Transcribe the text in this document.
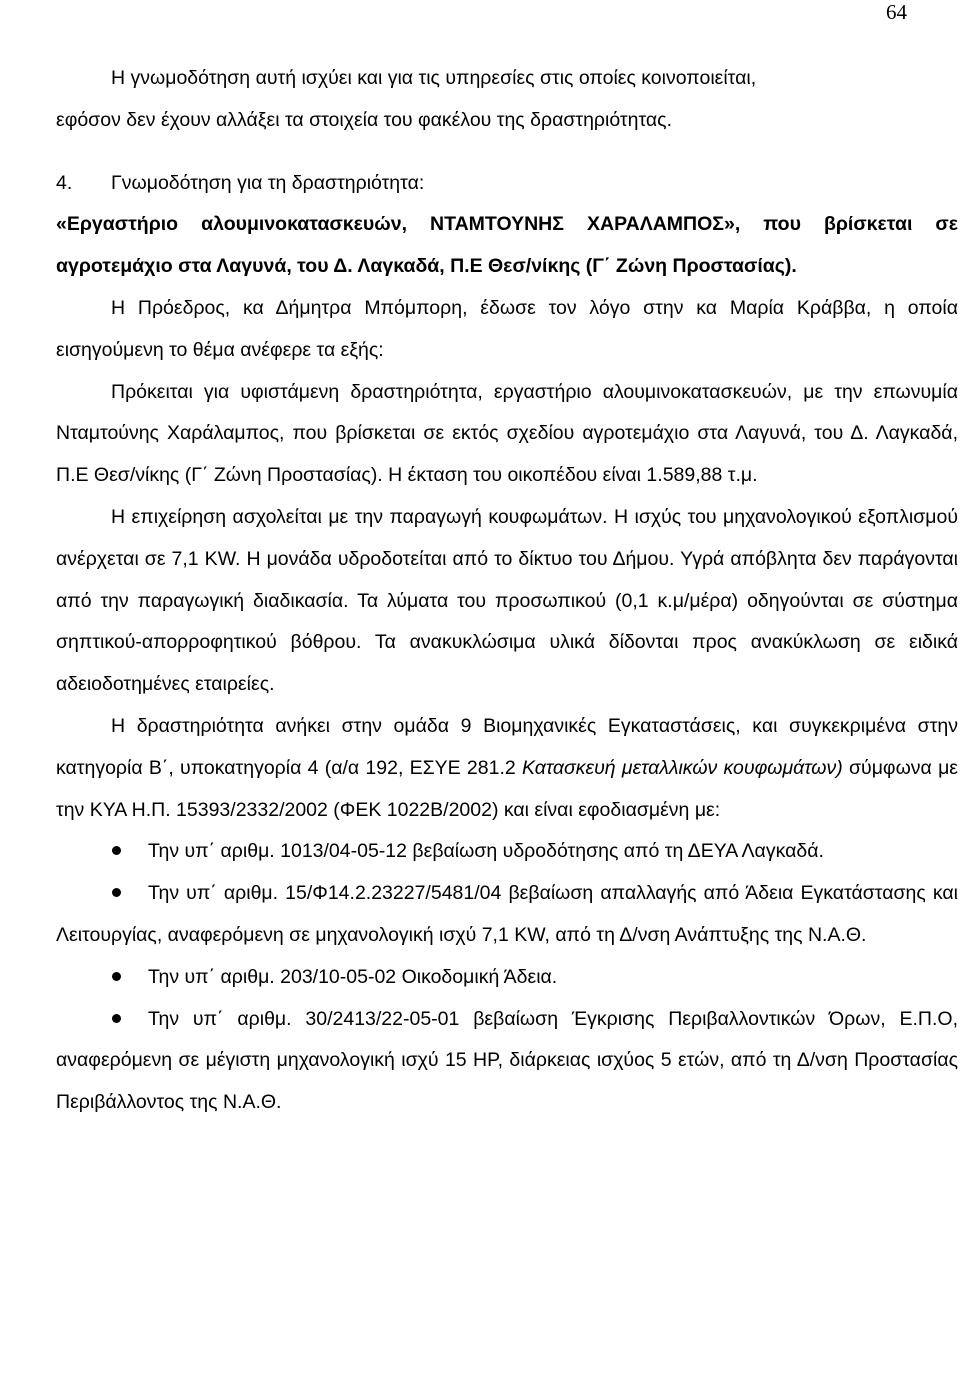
64

Η γνωμοδότηση αυτή ισχύει και για τις υπηρεσίες στις οποίες κοινοποιείται,

εφόσον δεν έχουν αλλάξει τα στοιχεία του φακέλου της δραστηριότητας.

4. Γνωμοδότηση για τη δραστηριότητα:

«Εργαστήριο αλουμινοκατασκευών, ΝΤΑΜΤΟΥΝΗΣ ΧΑΡΑΛΑΜΠΟΣ», που βρίσκεται σε αγροτεμάχιο στα Λαγυνά, του Δ. Λαγκαδά, Π.Ε Θεσ/νίκης (Γ΄ Ζώνη Προστασίας).

Η Πρόεδρος, κα Δήμητρα Μπόμπορη, έδωσε τον λόγο στην κα Μαρία Κράββα, η οποία εισηγούμενη το θέμα ανέφερε τα εξής:

Πρόκειται για υφιστάμενη δραστηριότητα, εργαστήριο αλουμινοκατασκευών, με την επωνυμία Νταμτούνης Χαράλαμπος, που βρίσκεται σε εκτός σχεδίου αγροτεμάχιο στα Λαγυνά, του Δ. Λαγκαδά, Π.Ε Θεσ/νίκης (Γ΄ Ζώνη Προστασίας). Η έκταση του οικοπέδου είναι 1.589,88 τ.μ.

Η επιχείρηση ασχολείται με την παραγωγή κουφωμάτων. Η ισχύς του μηχανολογικού εξοπλισμού ανέρχεται σε 7,1 KW. Η μονάδα υδροδοτείται από το δίκτυο του Δήμου. Υγρά απόβλητα δεν παράγονται από την παραγωγική διαδικασία. Τα λύματα του προσωπικού (0,1 κ.μ/μέρα) οδηγούνται σε σύστημα σηπτικού-απορροφητικού βόθρου. Τα ανακυκλώσιμα υλικά δίδονται προς ανακύκλωση σε ειδικά αδειοδοτημένες εταιρείες.

Η δραστηριότητα ανήκει στην ομάδα 9 Βιομηχανικές Εγκαταστάσεις, και συγκεκριμένα στην κατηγορία Β΄, υποκατηγορία 4 (α/α 192, ΕΣΥΕ 281.2 Κατασκευή μεταλλικών κουφωμάτων) σύμφωνα με την ΚΥΑ Η.Π. 15393/2332/2002 (ΦΕΚ 1022Β/2002) και είναι εφοδιασμένη με:

Την υπ΄ αριθμ. 1013/04-05-12 βεβαίωση υδροδότησης από τη ΔΕΥΑ Λαγκαδά.

Την υπ΄ αριθμ. 15/Φ14.2.23227/5481/04 βεβαίωση απαλλαγής από Άδεια Εγκατάστασης και Λειτουργίας, αναφερόμενη σε μηχανολογική ισχύ 7,1 KW, από τη Δ/νση Ανάπτυξης της Ν.Α.Θ.

Την υπ΄ αριθμ. 203/10-05-02 Οικοδομική Άδεια.

Την υπ΄ αριθμ. 30/2413/22-05-01 βεβαίωση Έγκρισης Περιβαλλοντικών Όρων, Ε.Π.Ο, αναφερόμενη σε μέγιστη μηχανολογική ισχύ 15 HP, διάρκειας ισχύος 5 ετών, από τη Δ/νση Προστασίας Περιβάλλοντος της Ν.Α.Θ.
